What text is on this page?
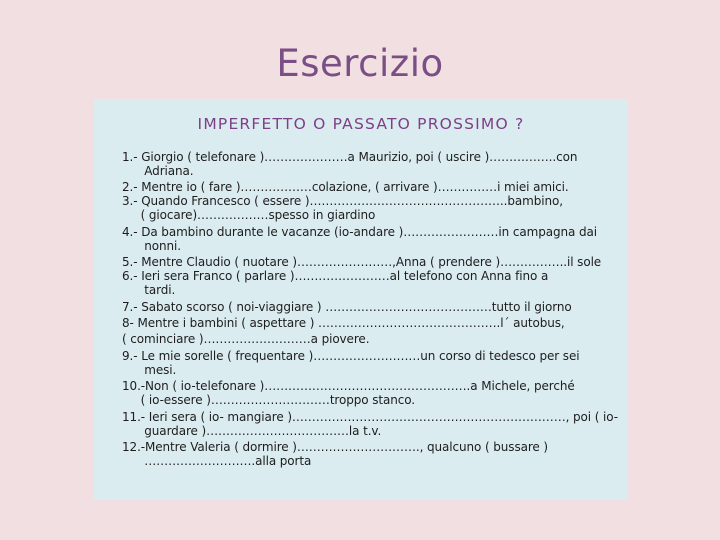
Esercizio
IMPERFETTO O PASSATO PROSSIMO ?
1.- Giorgio ( telefonare )…………………a Maurizio, poi ( uscire )……………..con
Adriana.
2.- Mentre io ( fare )………………colazione, ( arrivare )……………i miei amici.
3.- Quando Francesco ( essere )…………………………………………..bambino,
( giocare)………………spesso in giardino
4.- Da bambino durante le vacanze (io-andare )……………………in campagna dai
nonni.
5.- Mentre Claudio ( nuotare )……………………,Anna ( prendere )……………..il sole
6.- Ieri sera Franco ( parlare )……………………al telefono con Anna fino a
tardi.
7.- Sabato scorso ( noi-viaggiare ) ……………………………………tutto il giorno
8- Mentre i bambini ( aspettare ) ……………………………………….l´ autobus,
( cominciare )………………………a piovere.
9.- Le mie sorelle ( frequentare )………………………un corso di tedesco per sei
mesi.
10.-Non ( io-telefonare )…………………………………………….a Michele, perché
( io-essere )…………………………troppo stanco.
11.- Ieri sera ( io- mangiare )……………………………………………………………, poi ( io-
guardare )………………………………la t.v.
12.-Mentre Valeria ( dormire )…………………………., qualcuno ( bussare )
……………………….alla porta
